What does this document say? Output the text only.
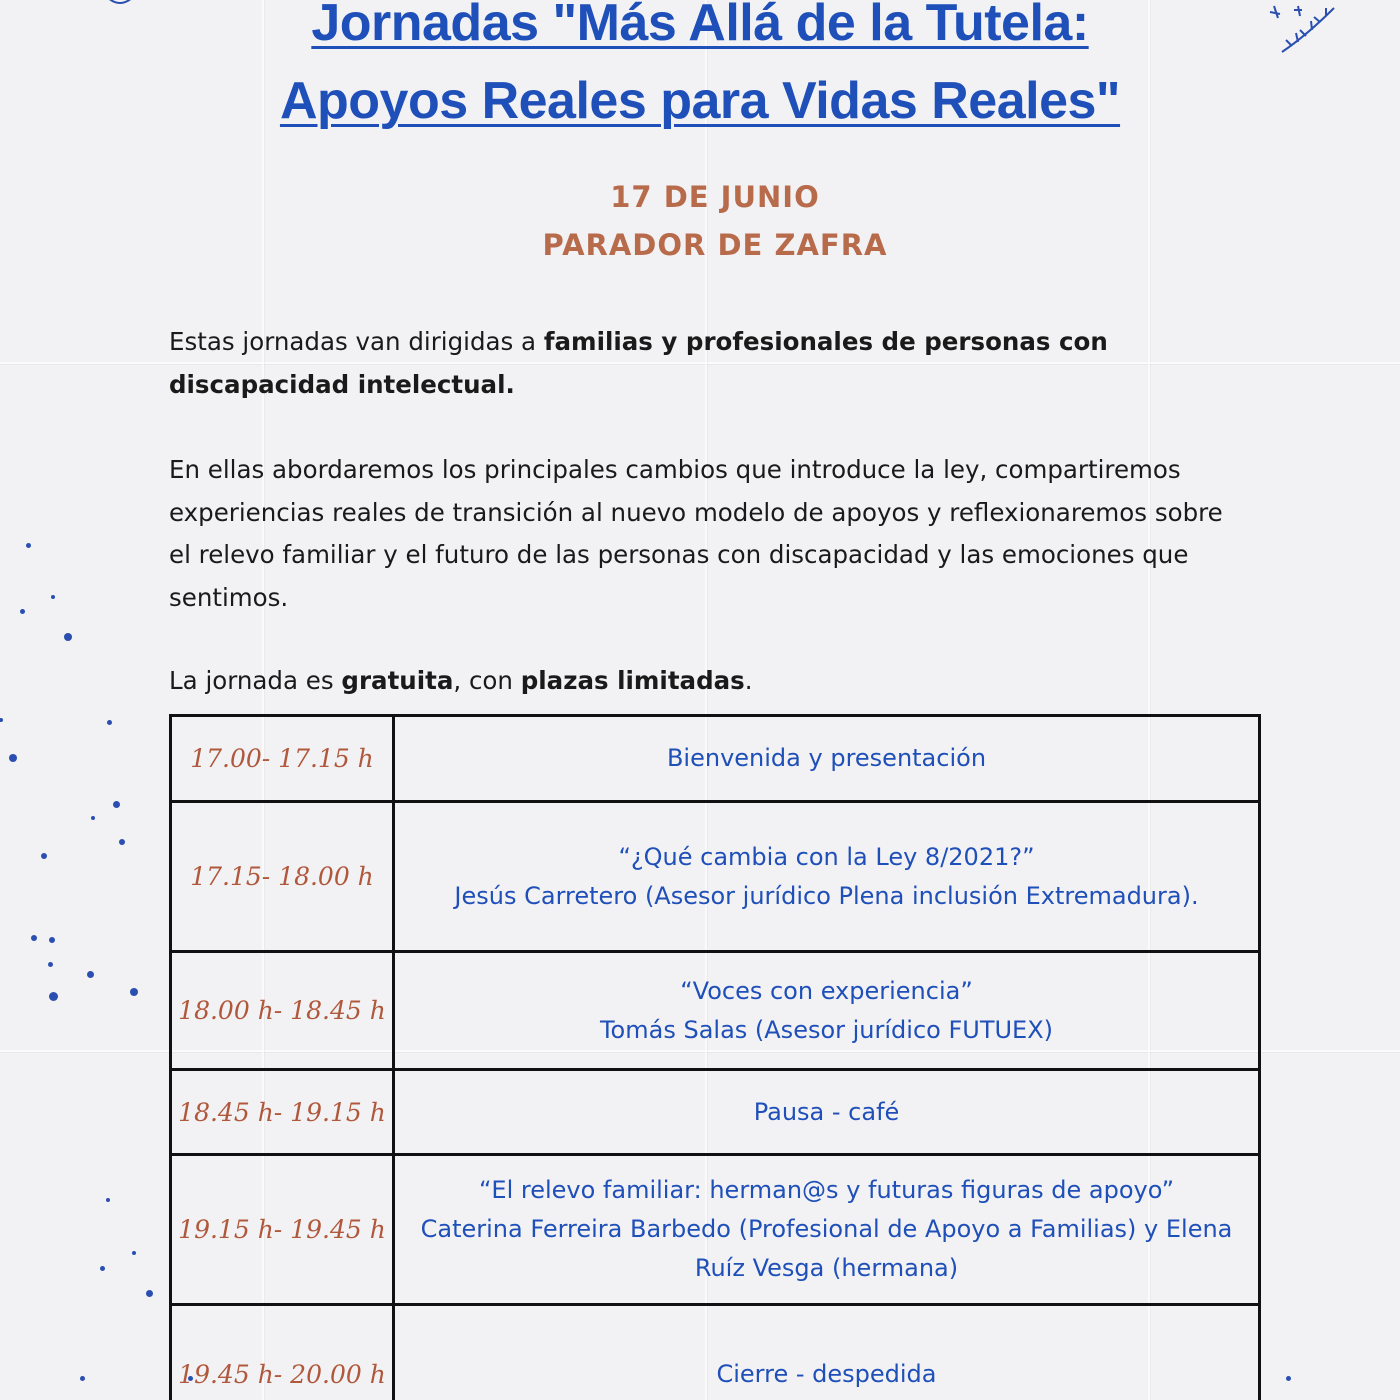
Jornadas "Más Allá de la Tutela:
Apoyos Reales para Vidas Reales"
17 DE JUNIO
PARADOR DE ZAFRA
Estas jornadas van dirigidas a familias y profesionales de personas con discapacidad intelectual.
En ellas abordaremos los principales cambios que introduce la ley, compartiremos experiencias reales de transición al nuevo modelo de apoyos y reflexionaremos sobre el relevo familiar y el futuro de las personas con discapacidad y las emociones que sentimos.
La jornada es gratuita, con plazas limitadas.
17.00- 17.15 h	Bienvenida y presentación

17.15- 18.00 h	“¿Qué cambia con la Ley 8/2021?”
Jesús Carretero (Asesor jurídico Plena inclusión Extremadura).

18.00 h- 18.45 h	“Voces con experiencia”
Tomás Salas (Asesor jurídico FUTUEX)

18.45 h- 19.15 h	Pausa - café

19.15 h- 19.45 h	“El relevo familiar: herman@s y futuras figuras de apoyo”
Caterina Ferreira Barbedo (Profesional de Apoyo a Familias) y Elena
Ruíz Vesga (hermana)

19.45 h- 20.00 h	Cierre - despedida
